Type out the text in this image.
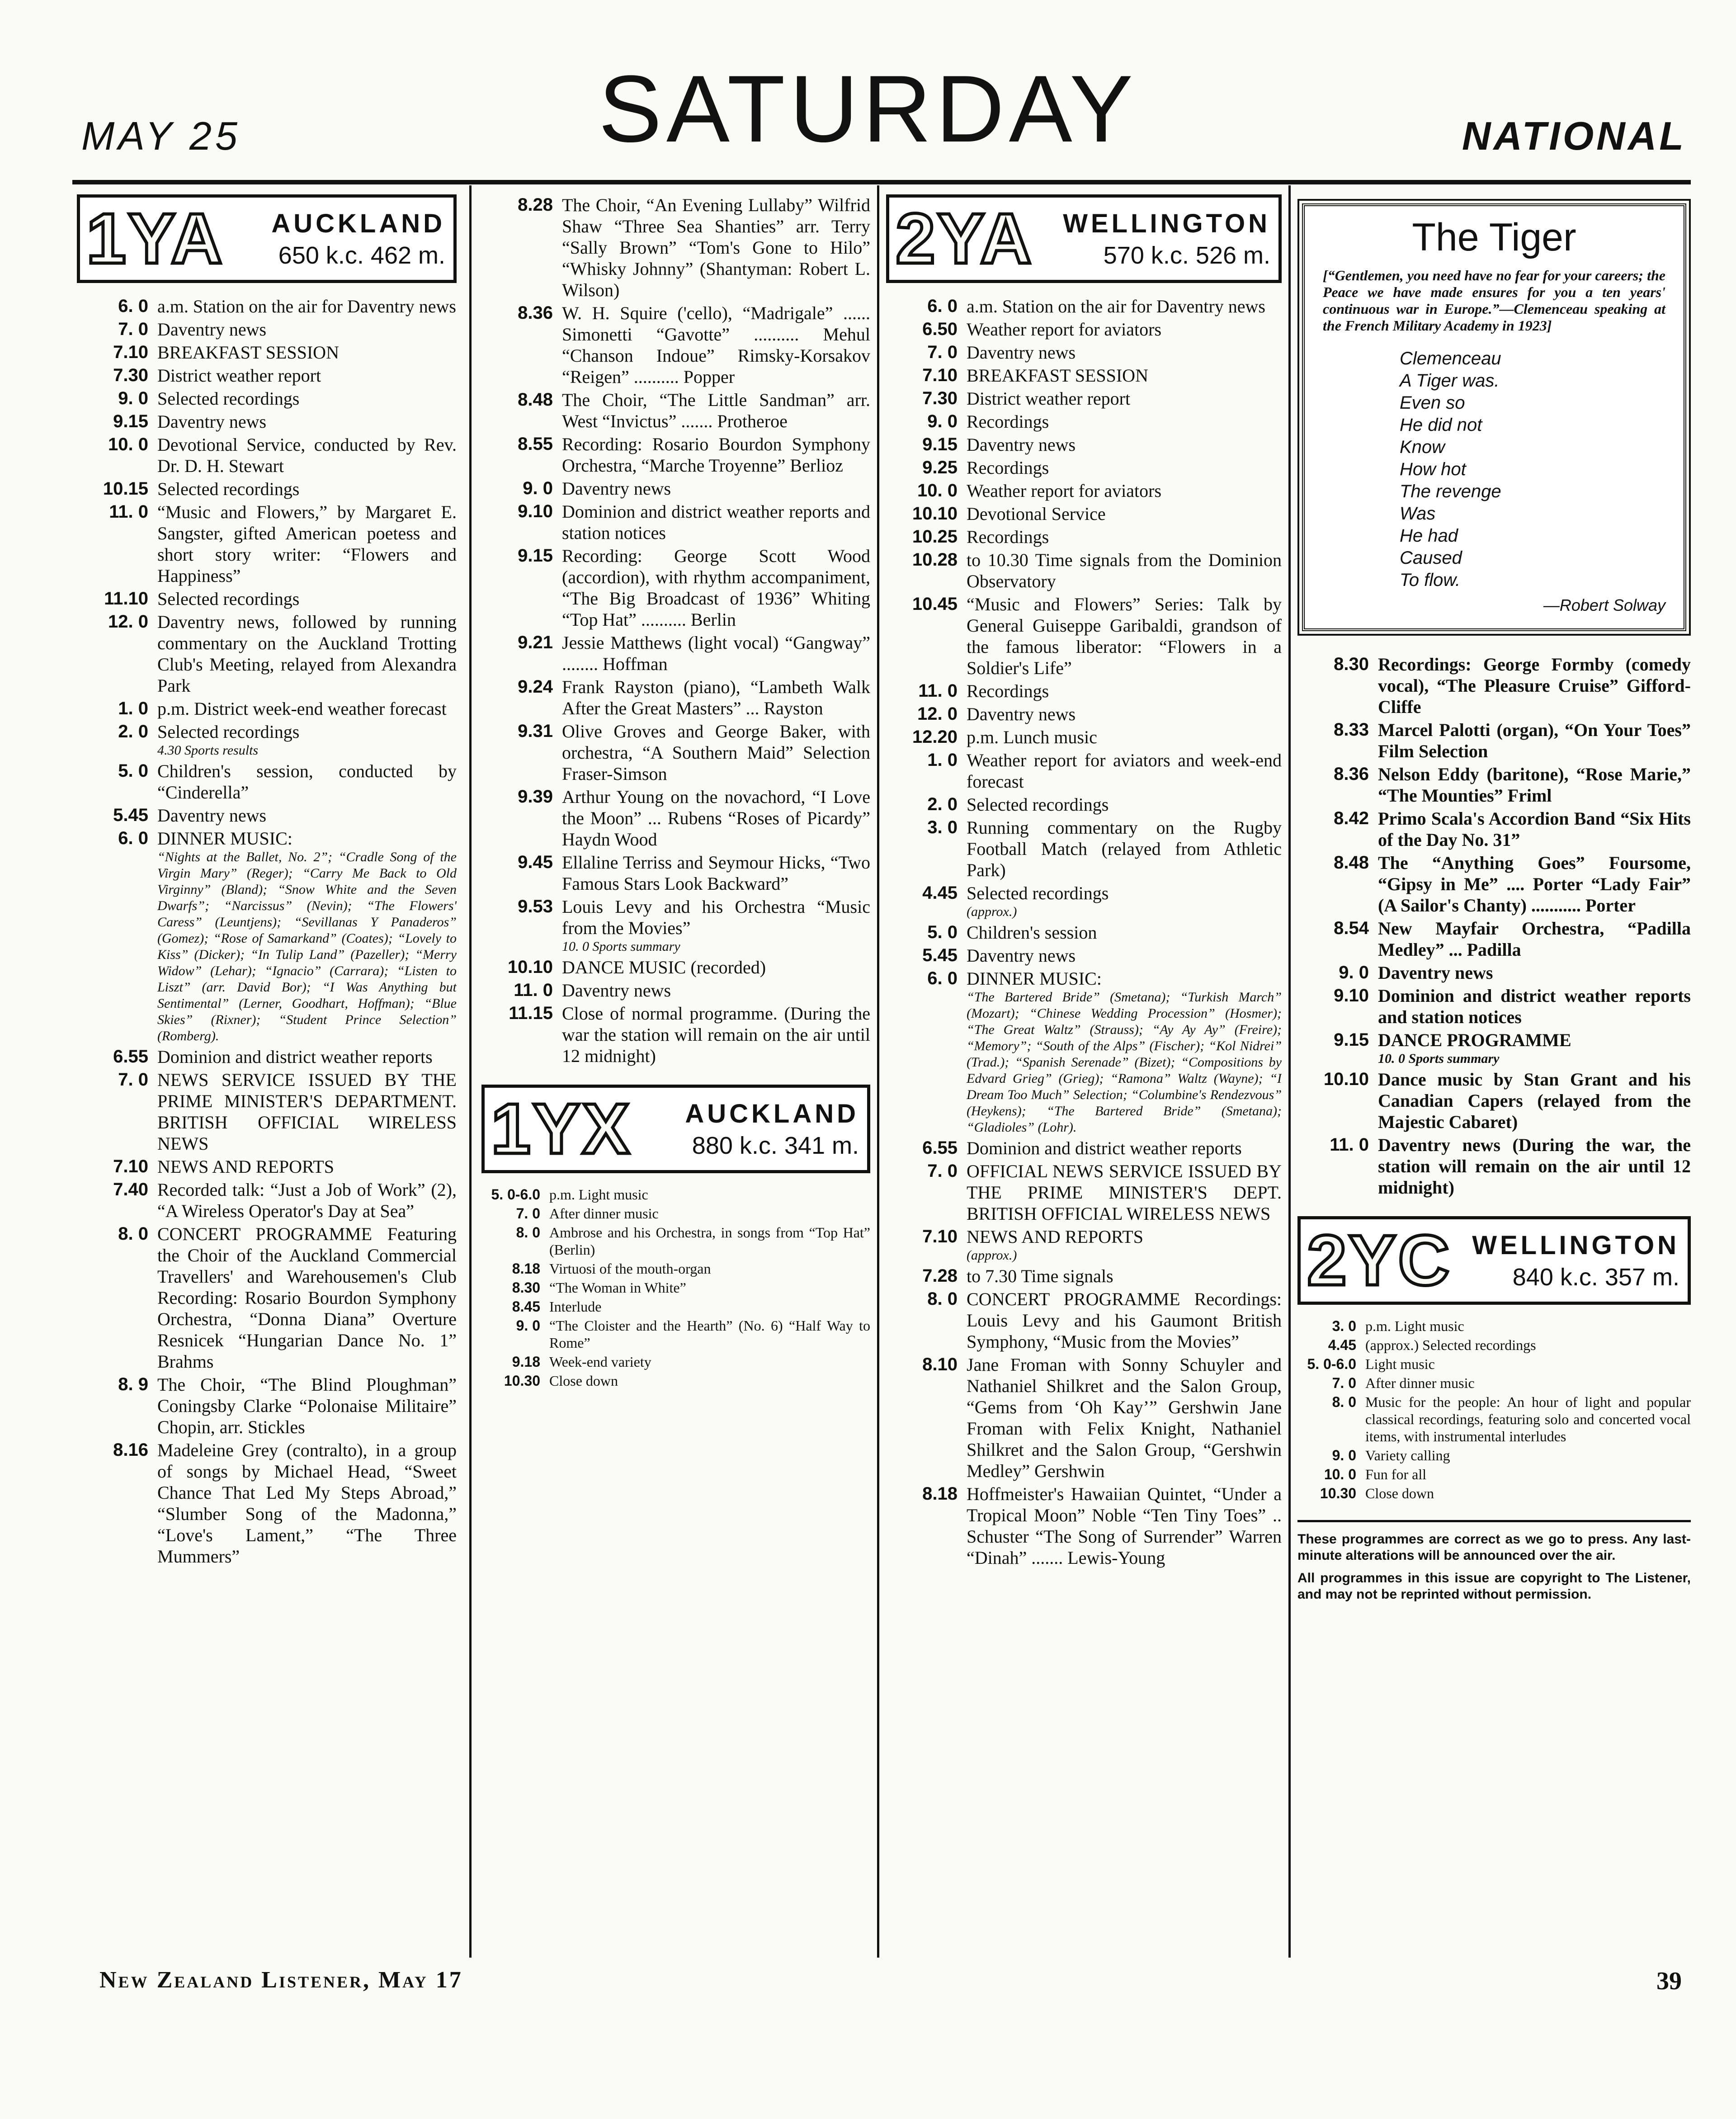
MAY 25	SATURDAY	NATIONAL
1YA	AUCKLAND
650 k.c. 462 m.
6. 0 a.m. Station on the air for Daventry news
7. 0 Daventry news
7.10 BREAKFAST SESSION
7.30 District weather report
9. 0 Selected recordings
9.15 Daventry news
10. 0 Devotional Service, conducted by Rev. Dr. D. H. Stewart
10.15 Selected recordings
11. 0 “Music and Flowers,” by Margaret E. Sangster, gifted American poetess and short story writer: “Flowers and Happiness”
11.10 Selected recordings
12. 0 Daventry news, followed by running commentary on the Auckland Trotting Club's Meeting, relayed from Alexandra Park
1. 0 p.m. District week-end weather forecast
2. 0 Selected recordings
4.30 Sports results
5. 0 Children's session, conducted by “Cinderella”
5.45 Daventry news
6. 0 DINNER MUSIC:
“Nights at the Ballet, No. 2”; “Cradle Song of the Virgin Mary” (Reger); “Carry Me Back to Old Virginny” (Bland); “Snow White and the Seven Dwarfs”; “Narcissus” (Nevin); “The Flowers' Caress” (Leuntjens); “Sevillanas Y Panaderos” (Gomez); “Rose of Samarkand” (Coates); “Lovely to Kiss” (Dicker); “In Tulip Land” (Pazeller); “Merry Widow” (Lehar); “Ignacio” (Carrara); “Listen to Liszt” (arr. David Bor); “I Was Anything but Sentimental” (Lerner, Goodhart, Hoffman); “Blue Skies” (Rixner); “Student Prince Selection” (Romberg).
6.55 Dominion and district weather reports
7. 0 NEWS SERVICE ISSUED BY THE PRIME MINISTER'S DEPARTMENT. BRITISH OFFICIAL WIRELESS NEWS
7.10 NEWS AND REPORTS
7.40 Recorded talk: “Just a Job of Work” (2), “A Wireless Operator's Day at Sea”
8. 0 CONCERT PROGRAMME Featuring the Choir of the Auckland Commercial Travellers' and Warehousemen's Club Recording: Rosario Bourdon Symphony Orchestra, “Donna Diana” Overture Resnicek “Hungarian Dance No. 1” Brahms
8. 9 The Choir, “The Blind Ploughman” Coningsby Clarke “Polonaise Militaire” Chopin, arr. Stickles
8.16 Madeleine Grey (contralto), in a group of songs by Michael Head, “Sweet Chance That Led My Steps Abroad,” “Slumber Song of the Madonna,” “Love's Lament,” “The Three Mummers”
8.28 The Choir, “An Evening Lullaby” Wilfrid Shaw “Three Sea Shanties” arr. Terry “Sally Brown” “Tom's Gone to Hilo” “Whisky Johnny” (Shantyman: Robert L. Wilson)
8.36 W. H. Squire ('cello), “Madrigale” ...... Simonetti “Gavotte” .......... Mehul “Chanson Indoue” Rimsky-Korsakov “Reigen” .......... Popper
8.48 The Choir, “The Little Sandman” arr. West “Invictus” ....... Protheroe
8.55 Recording: Rosario Bourdon Symphony Orchestra, “Marche Troyenne” Berlioz
9. 0 Daventry news
9.10 Dominion and district weather reports and station notices
9.15 Recording: George Scott Wood (accordion), with rhythm accompaniment, “The Big Broadcast of 1936” Whiting “Top Hat” .......... Berlin
9.21 Jessie Matthews (light vocal) “Gangway” ........ Hoffman
9.24 Frank Rayston (piano), “Lambeth Walk After the Great Masters” ... Rayston
9.31 Olive Groves and George Baker, with orchestra, “A Southern Maid” Selection Fraser-Simson
9.39 Arthur Young on the novachord, “I Love the Moon” ... Rubens “Roses of Picardy” Haydn Wood
9.45 Ellaline Terriss and Seymour Hicks, “Two Famous Stars Look Backward”
9.53 Louis Levy and his Orchestra “Music from the Movies”
10. 0 Sports summary
10.10 DANCE MUSIC (recorded)
11. 0 Daventry news
11.15 Close of normal programme. (During the war the station will remain on the air until 12 midnight)
1YX	AUCKLAND
880 k.c. 341 m.
5. 0-6.0 p.m. Light music
7. 0 After dinner music
8. 0 Ambrose and his Orchestra, in songs from “Top Hat” (Berlin)
8.18 Virtuosi of the mouth-organ
8.30 “The Woman in White”
8.45 Interlude
9. 0 “The Cloister and the Hearth” (No. 6) “Half Way to Rome”
9.18 Week-end variety
10.30 Close down
2YA	WELLINGTON
570 k.c. 526 m.
6. 0 a.m. Station on the air for Daventry news
6.50 Weather report for aviators
7. 0 Daventry news
7.10 BREAKFAST SESSION
7.30 District weather report
9. 0 Recordings
9.15 Daventry news
9.25 Recordings
10. 0 Weather report for aviators
10.10 Devotional Service
10.25 Recordings
10.28 to 10.30 Time signals from the Dominion Observatory
10.45 “Music and Flowers” Series: Talk by General Guiseppe Garibaldi, grandson of the famous liberator: “Flowers in a Soldier's Life”
11. 0 Recordings
12. 0 Daventry news
12.20 p.m. Lunch music
1. 0 Weather report for aviators and week-end forecast
2. 0 Selected recordings
3. 0 Running commentary on the Rugby Football Match (relayed from Athletic Park)
4.45 Selected recordings
(approx.)
5. 0 Children's session
5.45 Daventry news
6. 0 DINNER MUSIC:
“The Bartered Bride” (Smetana); “Turkish March” (Mozart); “Chinese Wedding Procession” (Hosmer); “The Great Waltz” (Strauss); “Ay Ay Ay” (Freire); “Memory”; “South of the Alps” (Fischer); “Kol Nidrei” (Trad.); “Spanish Serenade” (Bizet); “Compositions by Edvard Grieg” (Grieg); “Ramona” Waltz (Wayne); “I Dream Too Much” Selection; “Columbine's Rendezvous” (Heykens); “The Bartered Bride” (Smetana); “Gladioles” (Lohr).
6.55 Dominion and district weather reports
7. 0 OFFICIAL NEWS SERVICE ISSUED BY THE PRIME MINISTER'S DEPT. BRITISH OFFICIAL WIRELESS NEWS
7.10 NEWS AND REPORTS
(approx.)
7.28 to 7.30 Time signals
8. 0 CONCERT PROGRAMME Recordings: Louis Levy and his Gaumont British Symphony, “Music from the Movies”
8.10 Jane Froman with Sonny Schuyler and Nathaniel Shilkret and the Salon Group, “Gems from ‘Oh Kay’” Gershwin Jane Froman with Felix Knight, Nathaniel Shilkret and the Salon Group, “Gershwin Medley” Gershwin
8.18 Hoffmeister's Hawaiian Quintet, “Under a Tropical Moon” Noble “Ten Tiny Toes” .. Schuster “The Song of Surrender” Warren “Dinah” ....... Lewis-Young
The Tiger
[“Gentlemen, you need have no fear for your careers; the Peace we have made ensures for you a ten years' continuous war in Europe.”—Clemenceau speaking at the French Military Academy in 1923]
Clemenceau
A Tiger was.
Even so
He did not
Know
How hot
The revenge
Was
He had
Caused
To flow.
—Robert Solway
8.30 Recordings: George Formby (comedy vocal), “The Pleasure Cruise” Gifford-Cliffe
8.33 Marcel Palotti (organ), “On Your Toes” Film Selection
8.36 Nelson Eddy (baritone), “Rose Marie,” “The Mounties” Friml
8.42 Primo Scala's Accordion Band “Six Hits of the Day No. 31”
8.48 The “Anything Goes” Foursome, “Gipsy in Me” .... Porter “Lady Fair” (A Sailor's Chanty) ........... Porter
8.54 New Mayfair Orchestra, “Padilla Medley” ... Padilla
9. 0 Daventry news
9.10 Dominion and district weather reports and station notices
9.15 DANCE PROGRAMME
10. 0 Sports summary
10.10 Dance music by Stan Grant and his Canadian Capers (relayed from the Majestic Cabaret)
11. 0 Daventry news (During the war, the station will remain on the air until 12 midnight)
2YC WELLINGTON
840 k.c. 357 m.
3. 0 p.m. Light music
4.45 (approx.) Selected recordings
5. 0-6.0 Light music
7. 0 After dinner music
8. 0 Music for the people: An hour of light and popular classical recordings, featuring solo and concerted vocal items, with instrumental interludes
9. 0 Variety calling
10. 0 Fun for all
10.30 Close down

These programmes are correct as we go to press. Any last-minute alterations will be announced over the air.

All programmes in this issue are copyright to The Listener, and may not be reprinted without permission.

New Zealand Listener, May 17	39
